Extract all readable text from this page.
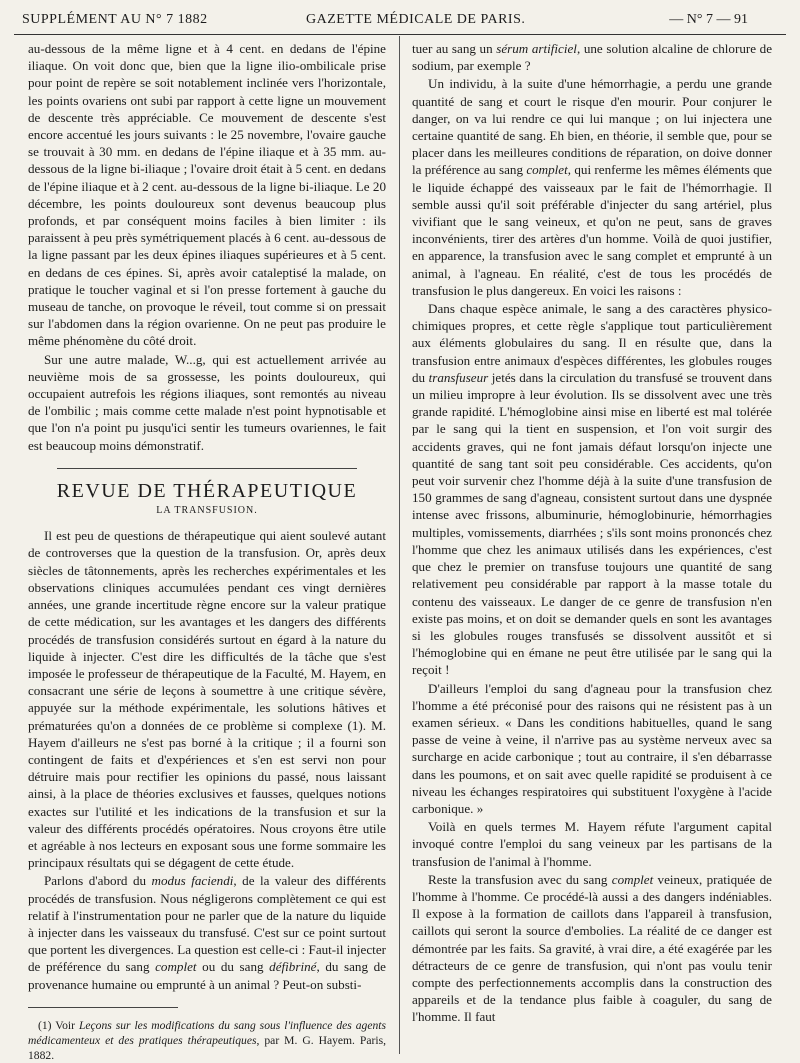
SUPPLÉMENT AU N° 7 1882	GAZETTE MÉDICALE DE PARIS.	— N° 7 — 91

au-dessous de la même ligne et à 4 cent. en dedans de l'épine iliaque. On voit donc que, bien que la ligne ilio-ombilicale prise pour point de repère se soit notablement inclinée vers l'horizontale, les points ovariens ont subi par rapport à cette ligne un mouvement de descente très appréciable. Ce mouvement de descente s'est encore accentué les jours suivants : le 25 novembre, l'ovaire gauche se trouvait à 30 mm. en dedans de l'épine iliaque et à 35 mm. au-dessous de la ligne bi-iliaque ; l'ovaire droit était à 5 cent. en dedans de l'épine iliaque et à 2 cent. au-dessous de la ligne bi-iliaque. Le 20 décembre, les points douloureux sont devenus beaucoup plus profonds, et par conséquent moins faciles à bien limiter : ils paraissent à peu près symétriquement placés à 6 cent. au-dessous de la ligne passant par les deux épines iliaques supérieures et à 5 cent. en dedans de ces épines. Si, après avoir cataleptisé la malade, on pratique le toucher vaginal et si l'on presse fortement à gauche du museau de tanche, on provoque le réveil, tout comme si on pressait sur l'abdomen dans la région ovarienne. On ne peut pas produire le même phénomène du côté droit.

Sur une autre malade, W...g, qui est actuellement arrivée au neuvième mois de sa grossesse, les points douloureux, qui occupaient autrefois les régions iliaques, sont remontés au niveau de l'ombilic ; mais comme cette malade n'est point hypnotisable et que l'on n'a point pu jusqu'ici sentir les tumeurs ovariennes, le fait est beaucoup moins démonstratif.

REVUE DE THÉRAPEUTIQUE
LA TRANSFUSION.

Il est peu de questions de thérapeutique qui aient soulevé autant de controverses que la question de la transfusion. Or, après deux siècles de tâtonnements, après les recherches expérimentales et les observations cliniques accumulées pendant ces vingt dernières années, une grande incertitude règne encore sur la valeur pratique de cette médication, sur les avantages et les dangers des différents procédés de transfusion considérés surtout en égard à la nature du liquide à injecter. C'est dire les difficultés de la tâche que s'est imposée le professeur de thérapeutique de la Faculté, M. Hayem, en consacrant une série de leçons à soumettre à une critique sévère, appuyée sur la méthode expérimentale, les solutions hâtives et prématurées qu'on a données de ce problème si complexe (1). M. Hayem d'ailleurs ne s'est pas borné à la critique ; il a fourni son contingent de faits et d'expériences et s'en est servi non pour détruire mais pour rectifier les opinions du passé, nous laissant ainsi, à la place de théories exclusives et fausses, quelques notions exactes sur l'utilité et les indications de la transfusion et sur la valeur des différents procédés opératoires. Nous croyons être utile et agréable à nos lecteurs en exposant sous une forme sommaire les principaux résultats qui se dégagent de cette étude.

Parlons d'abord du modus faciendi, de la valeur des différents procédés de transfusion. Nous négligerons complètement ce qui est relatif à l'instrumentation pour ne parler que de la nature du liquide à injecter dans les vaisseaux du transfusé. C'est sur ce point surtout que portent les divergences. La question est celle-ci : Faut-il injecter de préférence du sang complet ou du sang défibriné, du sang de provenance humaine ou emprunté à un animal ? Peut-on substi-

(1) Voir Leçons sur les modifications du sang sous l'influence des agents médicamenteux et des pratiques thérapeutiques, par M. G. Hayem. Paris, 1882.

tuer au sang un sérum artificiel, une solution alcaline de chlorure de sodium, par exemple ?

Un individu, à la suite d'une hémorrhagie, a perdu une grande quantité de sang et court le risque d'en mourir. Pour conjurer le danger, on va lui rendre ce qui lui manque ; on lui injectera une certaine quantité de sang. Eh bien, en théorie, il semble que, pour se placer dans les meilleures conditions de réparation, on doive donner la préférence au sang complet, qui renferme les mêmes éléments que le liquide échappé des vaisseaux par le fait de l'hémorrhagie. Il semble aussi qu'il soit préférable d'injecter du sang artériel, plus vivifiant que le sang veineux, et qu'on ne peut, sans de graves inconvénients, tirer des artères d'un homme. Voilà de quoi justifier, en apparence, la transfusion avec le sang complet et emprunté à un animal, à l'agneau. En réalité, c'est de tous les procédés de transfusion le plus dangereux. En voici les raisons :

Dans chaque espèce animale, le sang a des caractères physico-chimiques propres, et cette règle s'applique tout particulièrement aux éléments globulaires du sang. Il en résulte que, dans la transfusion entre animaux d'espèces différentes, les globules rouges du transfuseur jetés dans la circulation du transfusé se trouvent dans un milieu impropre à leur évolution. Ils se dissolvent avec une très grande rapidité. L'hémoglobine ainsi mise en liberté est mal tolérée par le sang qui la tient en suspension, et l'on voit surgir des accidents graves, qui ne font jamais défaut lorsqu'on injecte une quantité de sang tant soit peu considérable. Ces accidents, qu'on peut voir survenir chez l'homme déjà à la suite d'une transfusion de 150 grammes de sang d'agneau, consistent surtout dans une dyspnée intense avec frissons, albuminurie, hémoglobinurie, hémorrhagies multiples, vomissements, diarrhées ; s'ils sont moins prononcés chez l'homme que chez les animaux utilisés dans les expériences, c'est que chez le premier on transfuse toujours une quantité de sang relativement peu considérable par rapport à la masse totale du contenu des vaisseaux. Le danger de ce genre de transfusion n'en existe pas moins, et on doit se demander quels en sont les avantages si les globules rouges transfusés se dissolvent aussitôt et si l'hémoglobine qui en émane ne peut être utilisée par le sang qui la reçoit !

D'ailleurs l'emploi du sang d'agneau pour la transfusion chez l'homme a été préconisé pour des raisons qui ne résistent pas à un examen sérieux. « Dans les conditions habituelles, quand le sang passe de veine à veine, il n'arrive pas au système nerveux avec sa surcharge en acide carbonique ; tout au contraire, il s'en débarrasse dans les poumons, et on sait avec quelle rapidité se produisent à ce niveau les échanges respiratoires qui substituent l'oxygène à l'acide carbonique. »

Voilà en quels termes M. Hayem réfute l'argument capital invoqué contre l'emploi du sang veineux par les partisans de la transfusion de l'animal à l'homme.

Reste la transfusion avec du sang complet veineux, pratiquée de l'homme à l'homme. Ce procédé-là aussi a des dangers indéniables. Il expose à la formation de caillots dans l'appareil à transfusion, caillots qui seront la source d'embolies. La réalité de ce danger est démontrée par les faits. Sa gravité, à vrai dire, a été exagérée par les détracteurs de ce genre de transfusion, qui n'ont pas voulu tenir compte des perfectionnements accomplis dans la construction des appareils et de la tendance plus faible à coaguler, du sang de l'homme. Il faut
